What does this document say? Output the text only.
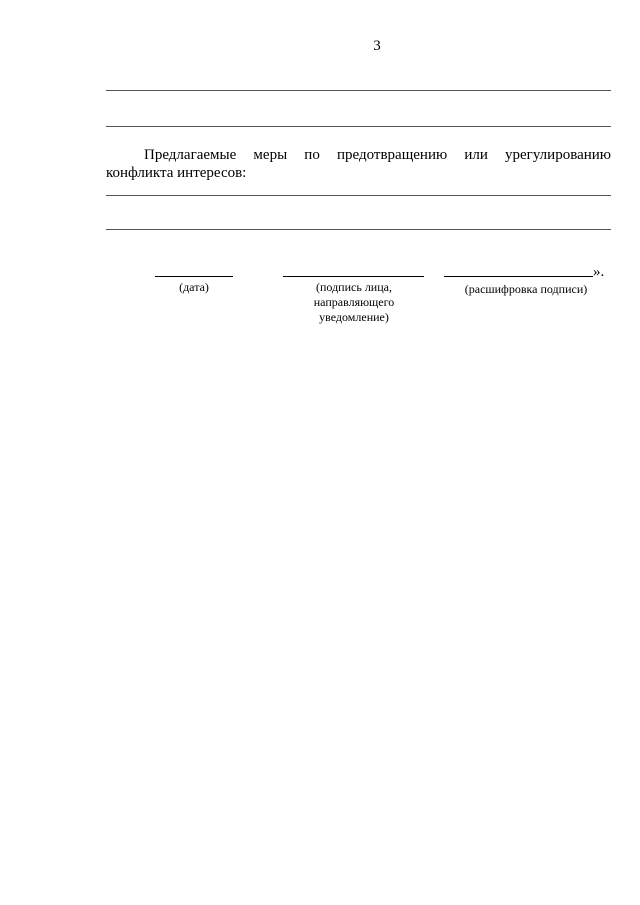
3
Предлагаемые меры по предотвращению или урегулированию конфликта интересов:
(дата)	(подпись лица,
направляющего
уведомление)
».
(расшифровка подписи)
